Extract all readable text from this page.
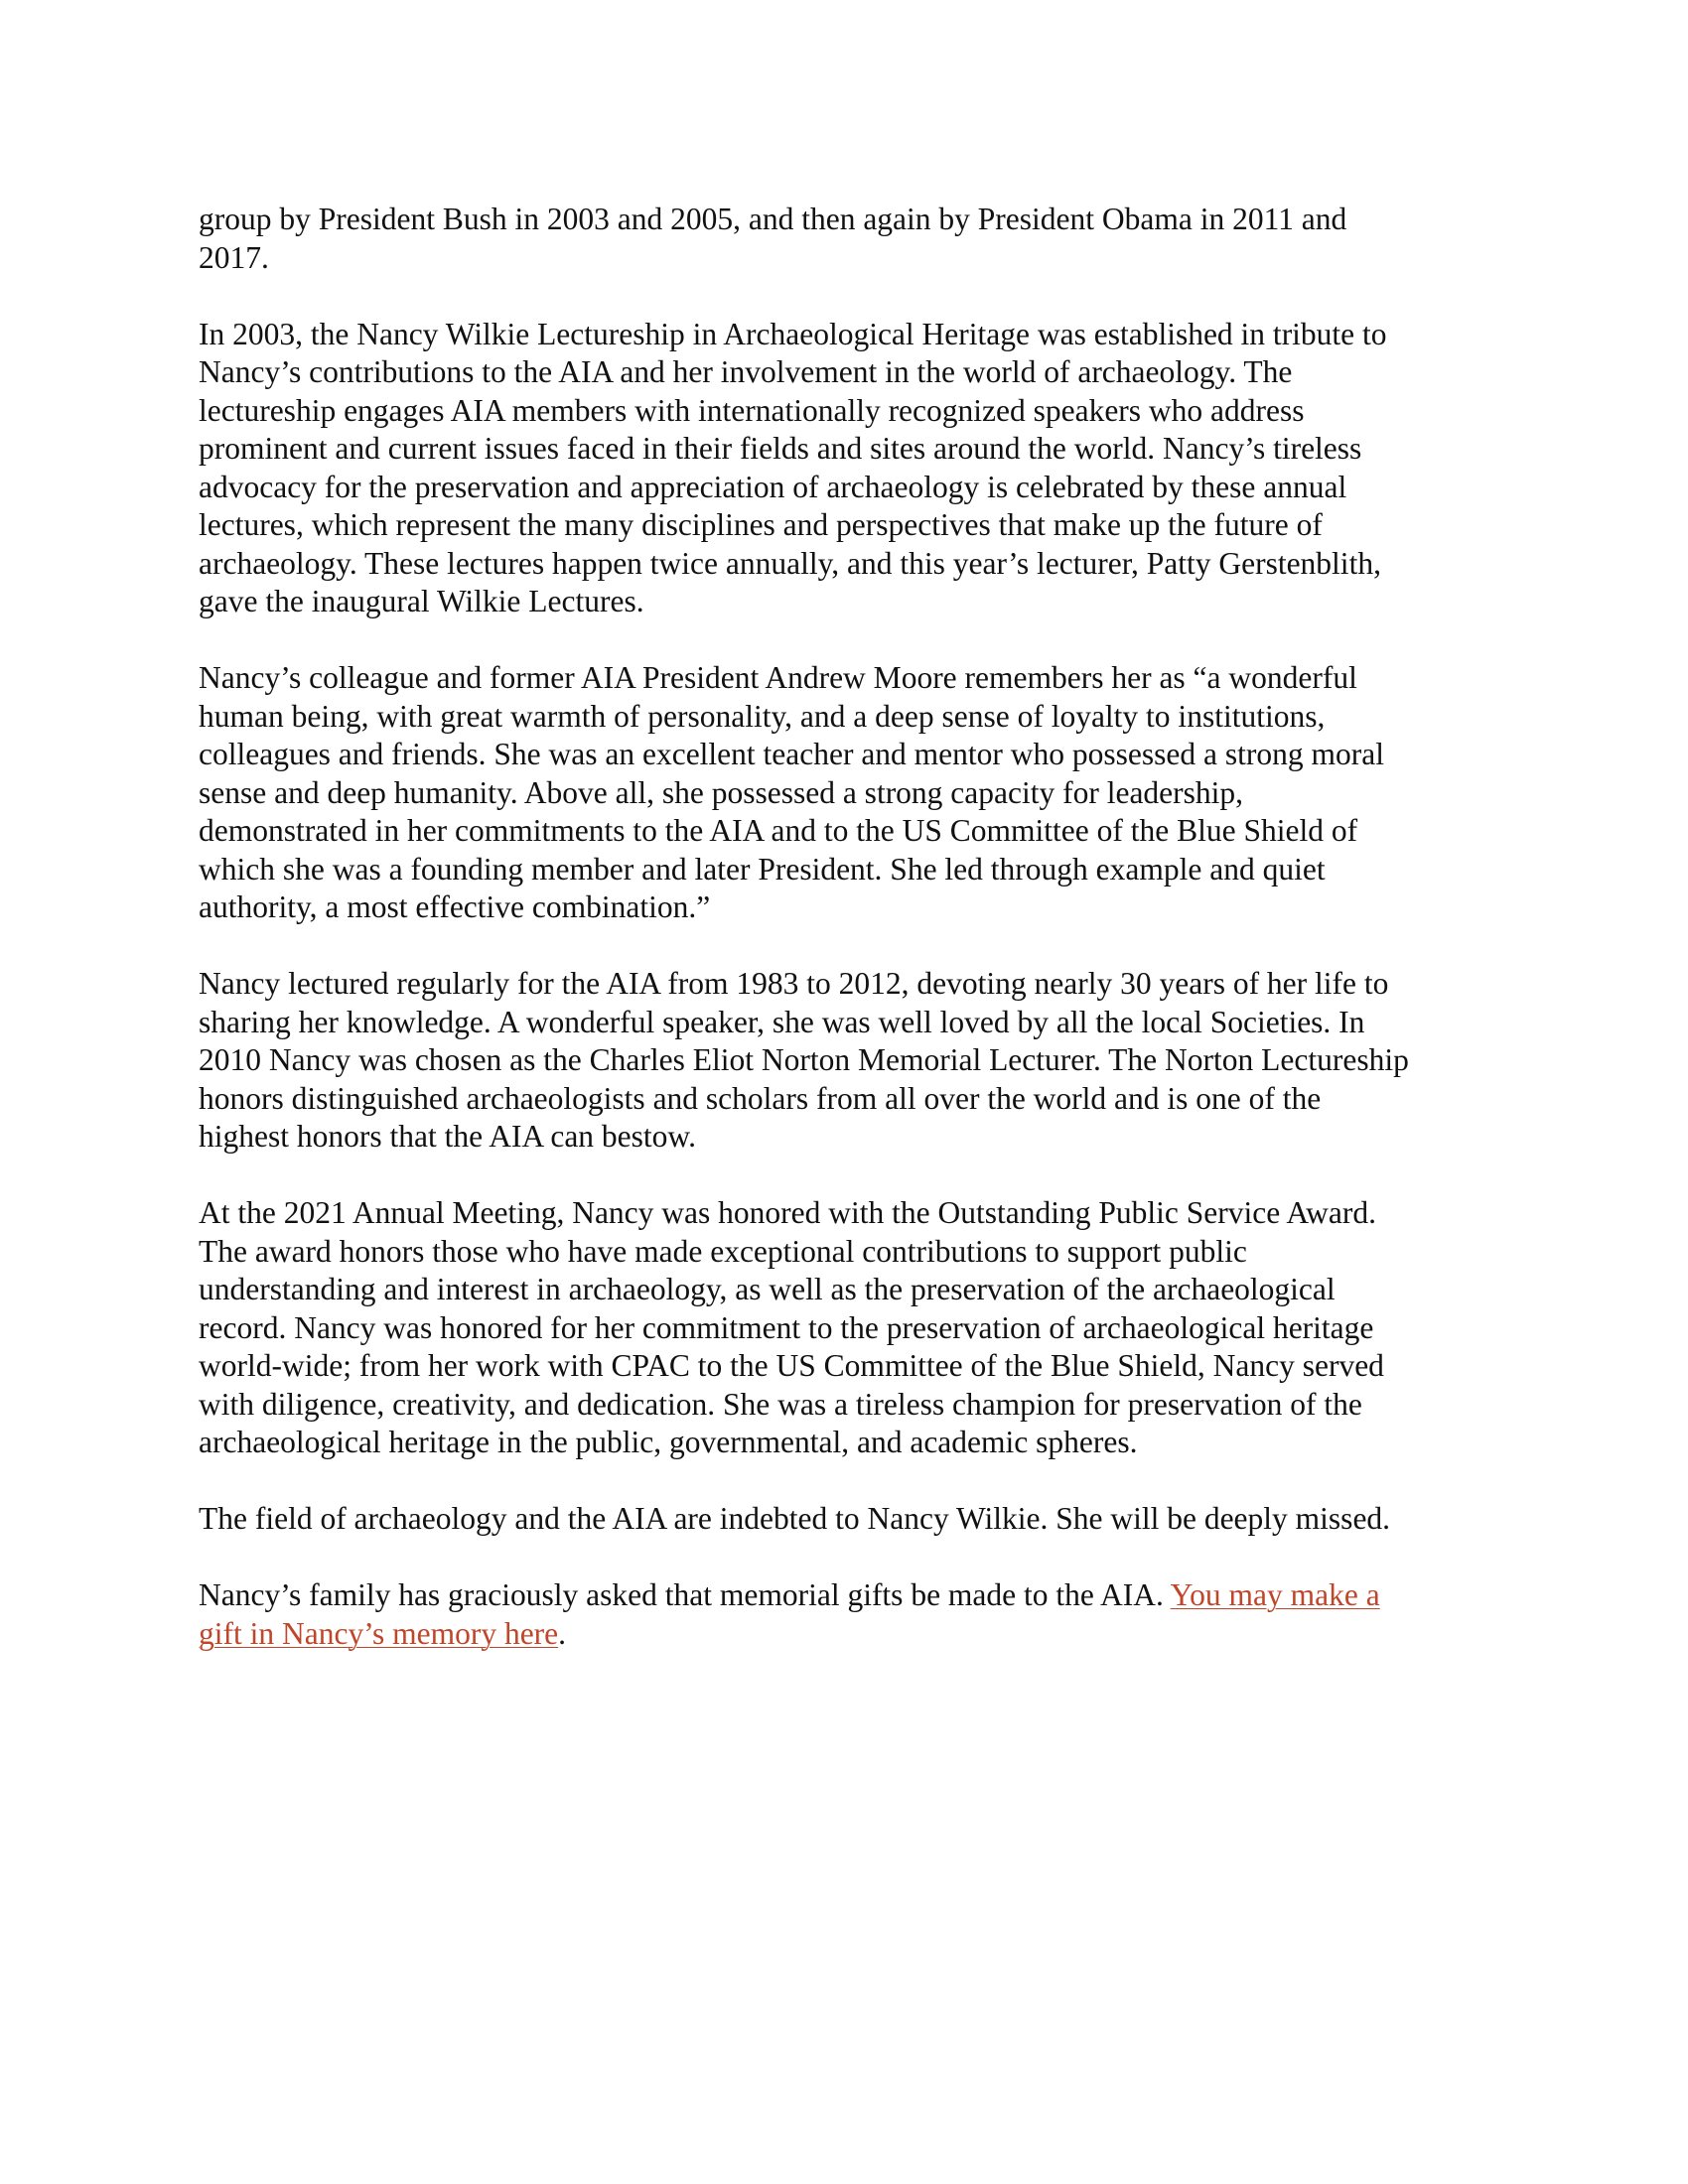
group by President Bush in 2003 and 2005, and then again by President Obama in 2011 and
2017.
In 2003, the Nancy Wilkie Lectureship in Archaeological Heritage was established in tribute to
Nancy’s contributions to the AIA and her involvement in the world of archaeology. The
lectureship engages AIA members with internationally recognized speakers who address
prominent and current issues faced in their fields and sites around the world. Nancy’s tireless
advocacy for the preservation and appreciation of archaeology is celebrated by these annual
lectures, which represent the many disciplines and perspectives that make up the future of
archaeology. These lectures happen twice annually, and this year’s lecturer, Patty Gerstenblith,
gave the inaugural Wilkie Lectures.
Nancy’s colleague and former AIA President Andrew Moore remembers her as “a wonderful
human being, with great warmth of personality, and a deep sense of loyalty to institutions,
colleagues and friends. She was an excellent teacher and mentor who possessed a strong moral
sense and deep humanity. Above all, she possessed a strong capacity for leadership,
demonstrated in her commitments to the AIA and to the US Committee of the Blue Shield of
which she was a founding member and later President. She led through example and quiet
authority, a most effective combination.”
Nancy lectured regularly for the AIA from 1983 to 2012, devoting nearly 30 years of her life to
sharing her knowledge. A wonderful speaker, she was well loved by all the local Societies. In
2010 Nancy was chosen as the Charles Eliot Norton Memorial Lecturer. The Norton Lectureship
honors distinguished archaeologists and scholars from all over the world and is one of the
highest honors that the AIA can bestow.
At the 2021 Annual Meeting, Nancy was honored with the Outstanding Public Service Award.
The award honors those who have made exceptional contributions to support public
understanding and interest in archaeology, as well as the preservation of the archaeological
record. Nancy was honored for her commitment to the preservation of archaeological heritage
world-wide; from her work with CPAC to the US Committee of the Blue Shield, Nancy served
with diligence, creativity, and dedication. She was a tireless champion for preservation of the
archaeological heritage in the public, governmental, and academic spheres.
The field of archaeology and the AIA are indebted to Nancy Wilkie. She will be deeply missed.
Nancy’s family has graciously asked that memorial gifts be made to the AIA. You may make a
gift in Nancy’s memory here.
